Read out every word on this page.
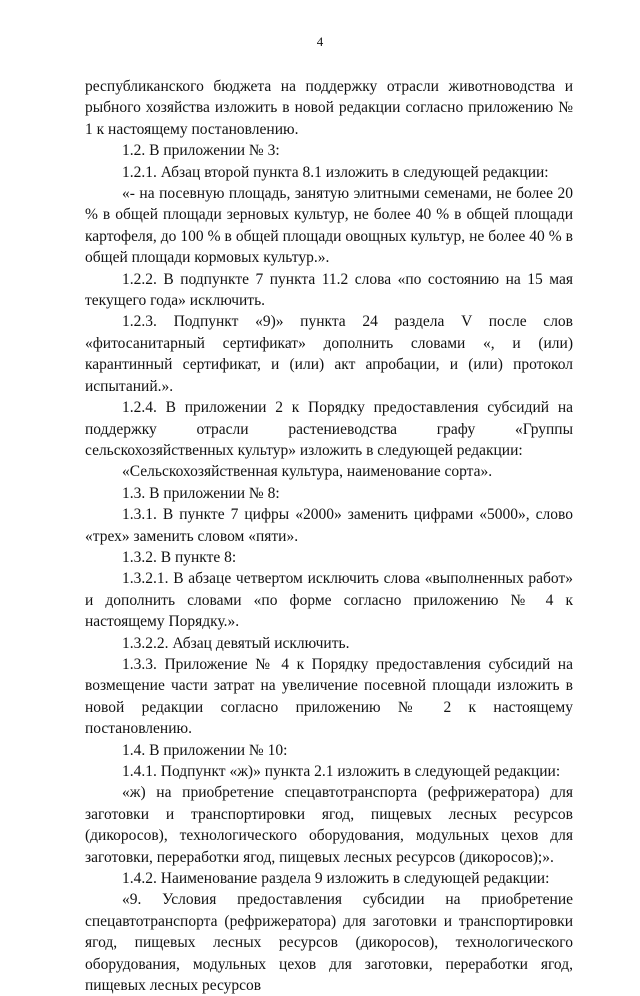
4

республиканского бюджета на поддержку отрасли животноводства и рыбного хозяйства изложить в новой редакции согласно приложению № 1 к настоящему постановлению.

1.2. В приложении № 3:

1.2.1. Абзац второй пункта 8.1 изложить в следующей редакции:

«- на посевную площадь, занятую элитными семенами, не более 20 % в общей площади зерновых культур, не более 40 % в общей площади картофеля, до 100 % в общей площади овощных культур, не более 40 % в общей площади кормовых культур.».

1.2.2. В подпункте 7 пункта 11.2 слова «по состоянию на 15 мая текущего года» исключить.

1.2.3. Подпункт «9)» пункта 24 раздела V после слов «фитосанитарный сертификат» дополнить словами «, и (или) карантинный сертификат, и (или) акт апробации, и (или) протокол испытаний.».

1.2.4. В приложении 2 к Порядку предоставления субсидий на поддержку отрасли растениеводства графу «Группы сельскохозяйственных культур» изложить в следующей редакции:

«Сельскохозяйственная культура, наименование сорта».

1.3. В приложении № 8:

1.3.1. В пункте 7 цифры «2000» заменить цифрами «5000», слово «трех» заменить словом «пяти».

1.3.2. В пункте 8:

1.3.2.1. В абзаце четвертом исключить слова «выполненных работ» и дополнить словами «по форме согласно приложению № 4 к настоящему Порядку.».

1.3.2.2. Абзац девятый исключить.

1.3.3. Приложение № 4 к Порядку предоставления субсидий на возмещение части затрат на увеличение посевной площади изложить в новой редакции согласно приложению № 2 к настоящему постановлению.

1.4. В приложении № 10:

1.4.1. Подпункт «ж)» пункта 2.1 изложить в следующей редакции:

«ж) на приобретение спецавтотранспорта (рефрижератора) для заготовки и транспортировки ягод, пищевых лесных ресурсов (дикоросов), технологического оборудования, модульных цехов для заготовки, переработки ягод, пищевых лесных ресурсов (дикоросов);».

1.4.2. Наименование раздела 9 изложить в следующей редакции:

«9. Условия предоставления субсидии на приобретение спецавтотранспорта (рефрижератора) для заготовки и транспортировки ягод, пищевых лесных ресурсов (дикоросов), технологического оборудования, модульных цехов для заготовки, переработки ягод, пищевых лесных ресурсов
